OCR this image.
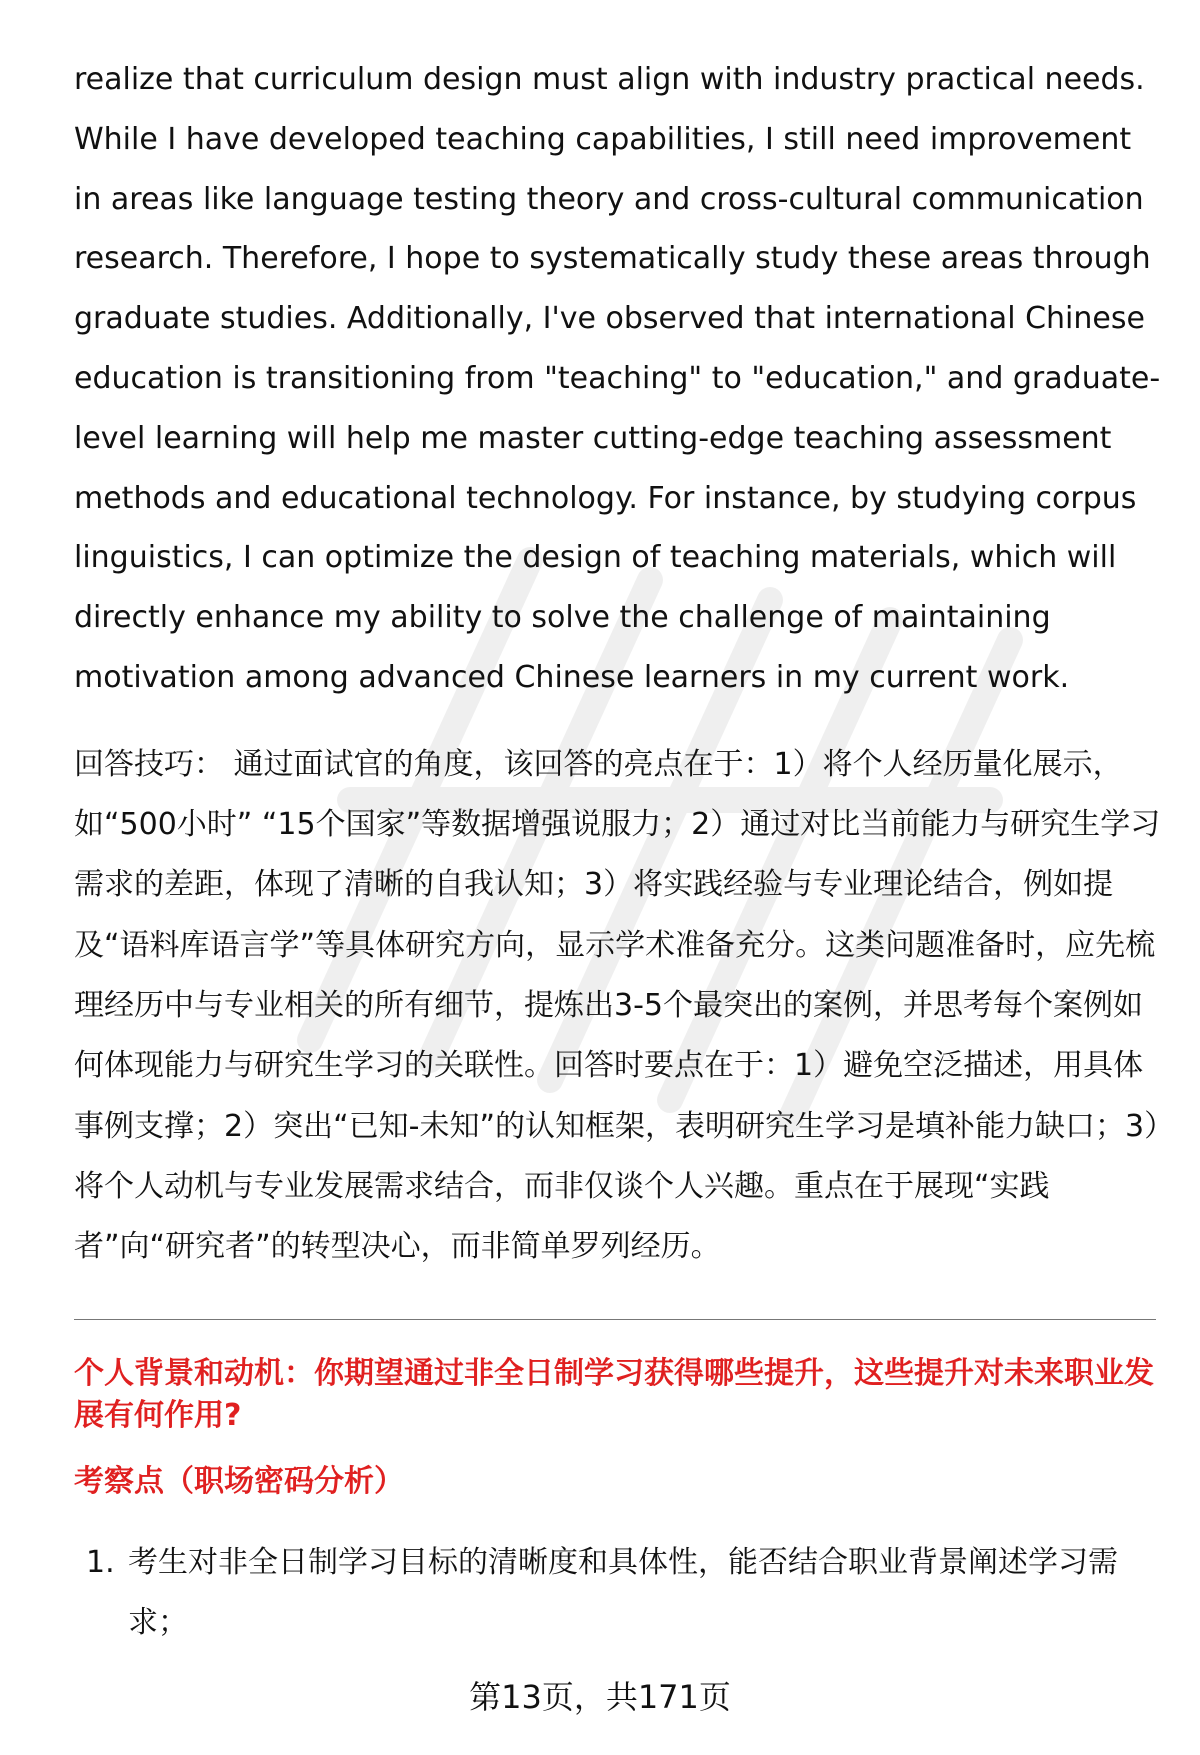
realize that curriculum design must align with industry practical needs. While I have developed teaching capabilities, I still need improvement in areas like language testing theory and cross-cultural communication research. Therefore, I hope to systematically study these areas through graduate studies. Additionally, I've observed that international Chinese education is transitioning from "teaching" to "education," and graduate-level learning will help me master cutting-edge teaching assessment methods and educational technology. For instance, by studying corpus linguistics, I can optimize the design of teaching materials, which will directly enhance my ability to solve the challenge of maintaining motivation among advanced Chinese learners in my current work.

回答技巧： 通过面试官的角度，该回答的亮点在于：1）将个人经历量化展示，如“500小时” “15个国家”等数据增强说服力；2）通过对比当前能力与研究生学习需求的差距，体现了清晰的自我认知；3）将实践经验与专业理论结合，例如提及“语料库语言学”等具体研究方向，显示学术准备充分。这类问题准备时，应先梳理经历中与专业相关的所有细节，提炼出3-5个最突出的案例，并思考每个案例如何体现能力与研究生学习的关联性。回答时要点在于：1）避免空泛描述，用具体事例支撑；2）突出“已知-未知”的认知框架，表明研究生学习是填补能力缺口；3）将个人动机与专业发展需求结合，而非仅谈个人兴趣。重点在于展现“实践者”向“研究者”的转型决心，而非简单罗列经历。

个人背景和动机：你期望通过非全日制学习获得哪些提升，这些提升对未来职业发展有何作用?
考察点（职场密码分析）
1. 考生对非全日制学习目标的清晰度和具体性，能否结合职业背景阐述学习需求；
第13页，共171页
